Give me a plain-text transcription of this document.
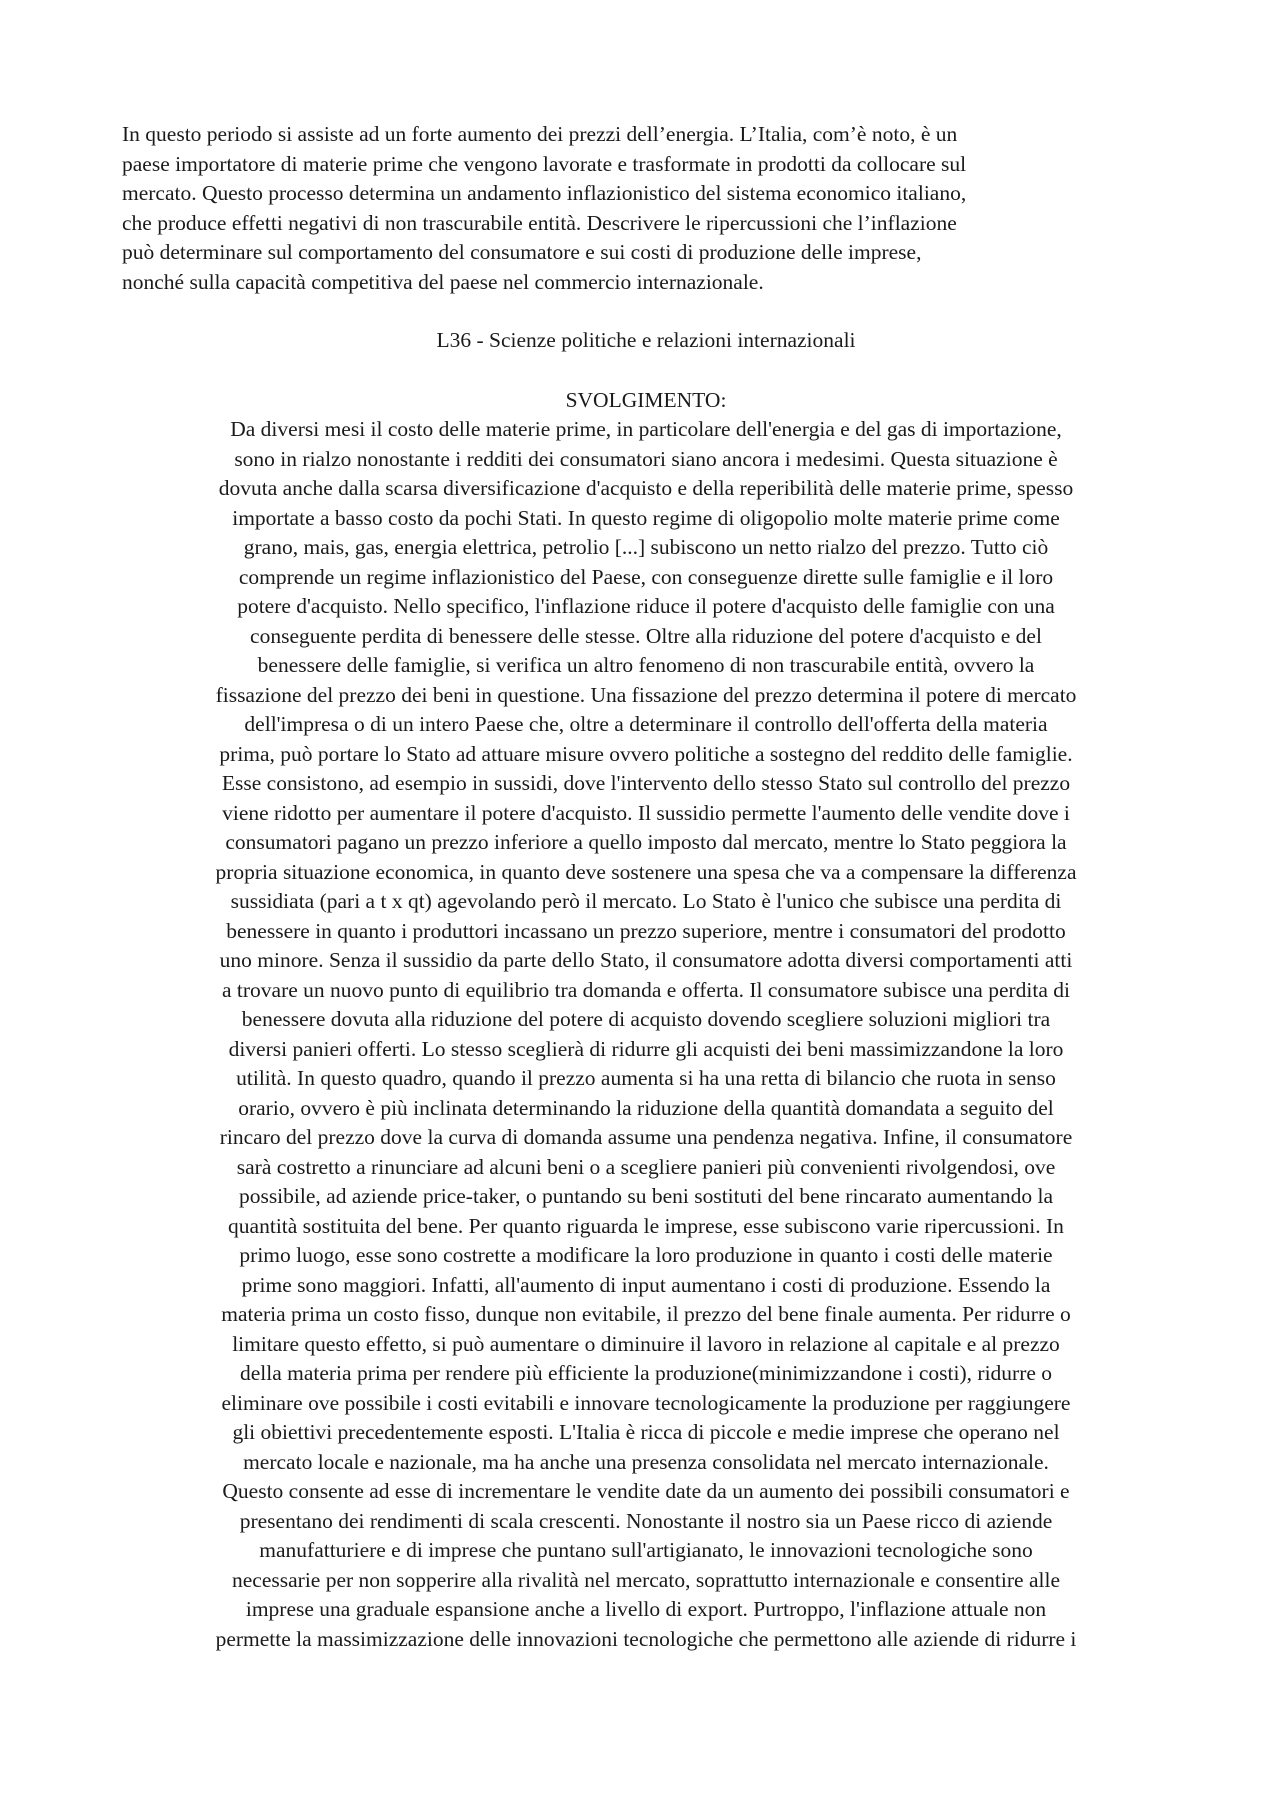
In questo periodo si assiste ad un forte aumento dei prezzi dell’energia. L’Italia, com’è noto, è un

paese importatore di materie prime che vengono lavorate e trasformate in prodotti da collocare sul

mercato. Questo processo determina un andamento inflazionistico del sistema economico italiano,

che produce effetti negativi di non trascurabile entità. Descrivere le ripercussioni che l’inflazione

può determinare sul comportamento del consumatore e sui costi di produzione delle imprese,

nonché sulla capacità competitiva del paese nel commercio internazionale.

L36 - Scienze politiche e relazioni internazionali
SVOLGIMENTO:

Da diversi mesi il costo delle materie prime, in particolare dell'energia e del gas di importazione,

sono in rialzo nonostante i redditi dei consumatori siano ancora i medesimi. Questa situazione è

dovuta anche dalla scarsa diversificazione d'acquisto e della reperibilità delle materie prime, spesso

importate a basso costo da pochi Stati. In questo regime di oligopolio molte materie prime come

grano, mais, gas, energia elettrica, petrolio [...] subiscono un netto rialzo del prezzo. Tutto ciò

comprende un regime inflazionistico del Paese, con conseguenze dirette sulle famiglie e il loro

potere d'acquisto. Nello specifico, l'inflazione riduce il potere d'acquisto delle famiglie con una

conseguente perdita di benessere delle stesse. Oltre alla riduzione del potere d'acquisto e del

benessere delle famiglie, si verifica un altro fenomeno di non trascurabile entità, ovvero la

fissazione del prezzo dei beni in questione. Una fissazione del prezzo determina il potere di mercato

dell'impresa o di un intero Paese che, oltre a determinare il controllo dell'offerta della materia

prima, può portare lo Stato ad attuare misure ovvero politiche a sostegno del reddito delle famiglie.

Esse consistono, ad esempio in sussidi, dove l'intervento dello stesso Stato sul controllo del prezzo

viene ridotto per aumentare il potere d'acquisto. Il sussidio permette l'aumento delle vendite dove i

consumatori pagano un prezzo inferiore a quello imposto dal mercato, mentre lo Stato peggiora la

propria situazione economica, in quanto deve sostenere una spesa che va a compensare la differenza

sussidiata (pari a t x qt) agevolando però il mercato. Lo Stato è l'unico che subisce una perdita di

benessere in quanto i produttori incassano un prezzo superiore, mentre i consumatori del prodotto

uno minore. Senza il sussidio da parte dello Stato, il consumatore adotta diversi comportamenti atti

a trovare un nuovo punto di equilibrio tra domanda e offerta. Il consumatore subisce una perdita di

benessere dovuta alla riduzione del potere di acquisto dovendo scegliere soluzioni migliori tra

diversi panieri offerti. Lo stesso sceglierà di ridurre gli acquisti dei beni massimizzandone la loro

utilità. In questo quadro, quando il prezzo aumenta si ha una retta di bilancio che ruota in senso

orario, ovvero è più inclinata determinando la riduzione della quantità domandata a seguito del

rincaro del prezzo dove la curva di domanda assume una pendenza negativa. Infine, il consumatore

sarà costretto a rinunciare ad alcuni beni o a scegliere panieri più convenienti rivolgendosi, ove

possibile, ad aziende price-taker, o puntando su beni sostituti del bene rincarato aumentando la

quantità sostituita del bene. Per quanto riguarda le imprese, esse subiscono varie ripercussioni. In

primo luogo, esse sono costrette a modificare la loro produzione in quanto i costi delle materie

prime sono maggiori. Infatti, all'aumento di input aumentano i costi di produzione. Essendo la

materia prima un costo fisso, dunque non evitabile, il prezzo del bene finale aumenta. Per ridurre o

limitare questo effetto, si può aumentare o diminuire il lavoro in relazione al capitale e al prezzo

della materia prima per rendere più efficiente la produzione(minimizzandone i costi), ridurre o

eliminare ove possibile i costi evitabili e innovare tecnologicamente la produzione per raggiungere

gli obiettivi precedentemente esposti. L'Italia è ricca di piccole e medie imprese che operano nel

mercato locale e nazionale, ma ha anche una presenza consolidata nel mercato internazionale.

Questo consente ad esse di incrementare le vendite date da un aumento dei possibili consumatori e

presentano dei rendimenti di scala crescenti. Nonostante il nostro sia un Paese ricco di aziende

manufatturiere e di imprese che puntano sull'artigianato, le innovazioni tecnologiche sono

necessarie per non sopperire alla rivalità nel mercato, soprattutto internazionale e consentire alle

imprese una graduale espansione anche a livello di export. Purtroppo, l'inflazione attuale non

permette la massimizzazione delle innovazioni tecnologiche che permettono alle aziende di ridurre i
